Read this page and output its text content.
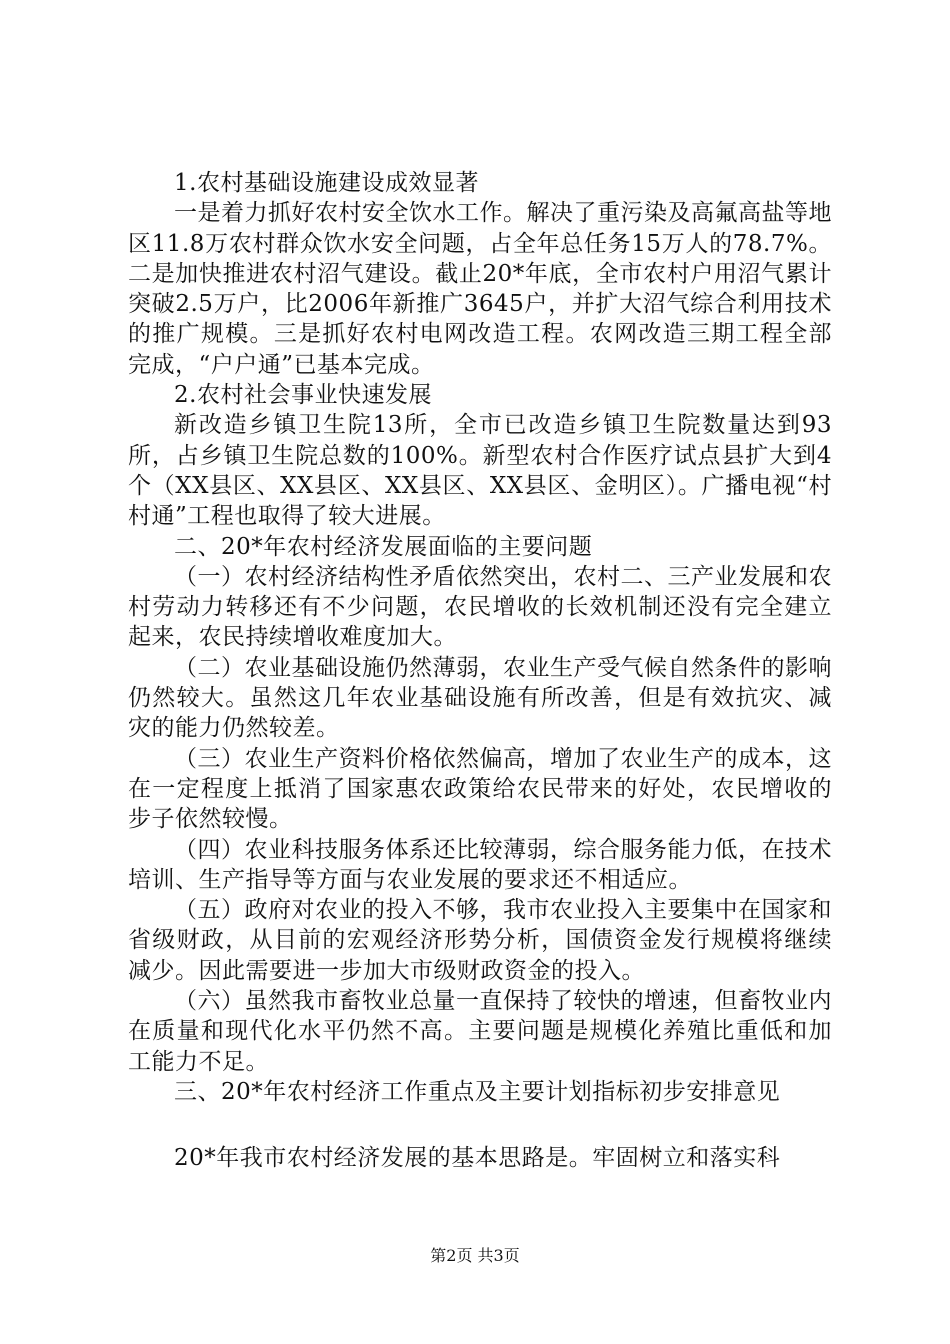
1.农村基础设施建设成效显著

一是着力抓好农村安全饮水工作。解决了重污染及高氟高盐等地区11.8万农村群众饮水安全问题，占全年总任务15万人的78.7%。二是加快推进农村沼气建设。截止20*年底，全市农村户用沼气累计突破2.5万户，比2006年新推广3645户，并扩大沼气综合利用技术的推广规模。三是抓好农村电网改造工程。农网改造三期工程全部完成，“户户通”已基本完成。

2.农村社会事业快速发展

新改造乡镇卫生院13所，全市已改造乡镇卫生院数量达到93所，占乡镇卫生院总数的100%。新型农村合作医疗试点县扩大到4个（XX县区、XX县区、XX县区、XX县区、金明区）。广播电视“村村通”工程也取得了较大进展。

二、20*年农村经济发展面临的主要问题

（一）农村经济结构性矛盾依然突出，农村二、三产业发展和农村劳动力转移还有不少问题，农民增收的长效机制还没有完全建立起来，农民持续增收难度加大。

（二）农业基础设施仍然薄弱，农业生产受气候自然条件的影响仍然较大。虽然这几年农业基础设施有所改善，但是有效抗灾、减灾的能力仍然较差。

（三）农业生产资料价格依然偏高，增加了农业生产的成本，这在一定程度上抵消了国家惠农政策给农民带来的好处，农民增收的步子依然较慢。

（四）农业科技服务体系还比较薄弱，综合服务能力低，在技术培训、生产指导等方面与农业发展的要求还不相适应。

（五）政府对农业的投入不够，我市农业投入主要集中在国家和省级财政，从目前的宏观经济形势分析，国债资金发行规模将继续减少。因此需要进一步加大市级财政资金的投入。

（六）虽然我市畜牧业总量一直保持了较快的增速，但畜牧业内在质量和现代化水平仍然不高。主要问题是规模化养殖比重低和加工能力不足。

三、20*年农村经济工作重点及主要计划指标初步安排意见

20*年我市农村经济发展的基本思路是。牢固树立和落实科

第2页 共3页
